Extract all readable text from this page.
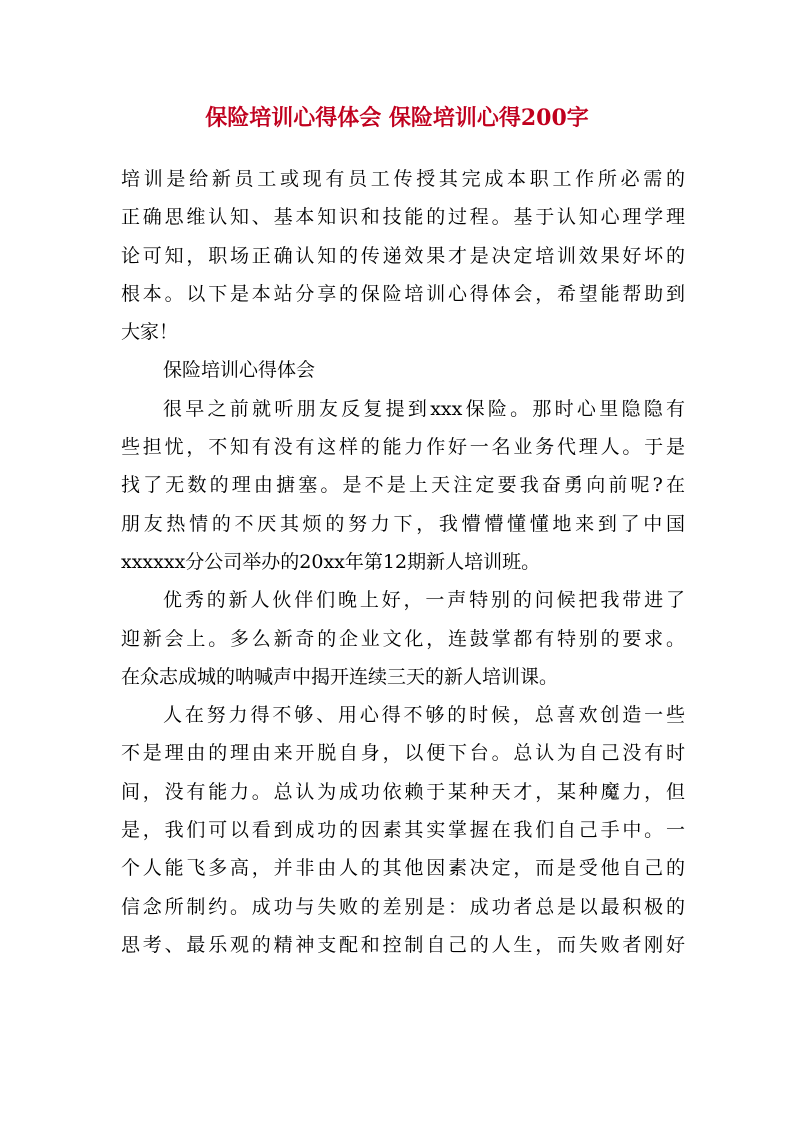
保险培训心得体会 保险培训心得200字
培训是给新员工或现有员工传授其完成本职工作所必需的
正确思维认知、基本知识和技能的过程。基于认知心理学理
论可知，职场正确认知的传递效果才是决定培训效果好坏的
根本。以下是本站分享的保险培训心得体会，希望能帮助到
大家！
保险培训心得体会
很早之前就听朋友反复提到xxx保险。那时心里隐隐有
些担忧，不知有没有这样的能力作好一名业务代理人。于是
找了无数的理由搪塞。是不是上天注定要我奋勇向前呢?在
朋友热情的不厌其烦的努力下，我懵懵懂懂地来到了中国
xxxxxx分公司举办的20xx年第12期新人培训班。
优秀的新人伙伴们晚上好，一声特别的问候把我带进了
迎新会上。多么新奇的企业文化，连鼓掌都有特别的要求。
在众志成城的呐喊声中揭开连续三天的新人培训课。
人在努力得不够、用心得不够的时候，总喜欢创造一些
不是理由的理由来开脱自身，以便下台。总认为自己没有时
间，没有能力。总认为成功依赖于某种天才，某种魔力，但
是，我们可以看到成功的因素其实掌握在我们自己手中。一
个人能飞多高，并非由人的其他因素决定，而是受他自己的
信念所制约。成功与失败的差别是：成功者总是以最积极的
思考、最乐观的精神支配和控制自己的人生，而失败者刚好
